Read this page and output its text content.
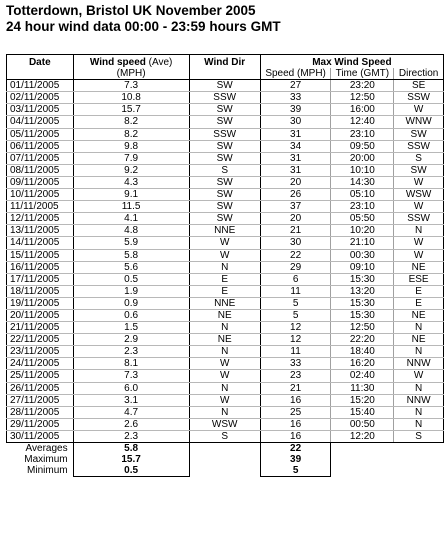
Totterdown, Bristol UK November 2005
24 hour wind data 00:00 - 23:59 hours GMT
Date	Wind speed (Ave)	Wind Dir	Max Wind Speed		
	(MPH)		Speed (MPH)	Time (GMT)	Direction
01/11/2005	7.3	SW	27	23:20	SE
02/11/2005	10.8	SSW	33	12:50	SSW
03/11/2005	15.7	SW	39	16:00	W
04/11/2005	8.2	SW	30	12:40	WNW
05/11/2005	8.2	SSW	31	23:10	SW
06/11/2005	9.8	SW	34	09:50	SSW
07/11/2005	7.9	SW	31	20:00	S
08/11/2005	9.2	S	31	10:10	SW
09/11/2005	4.3	SW	20	14:30	W
10/11/2005	9.1	SW	26	05:10	WSW
11/11/2005	11.5	SW	37	23:10	W
12/11/2005	4.1	SW	20	05:50	SSW
13/11/2005	4.8	NNE	21	10:20	N
14/11/2005	5.9	W	30	21:10	W
15/11/2005	5.8	W	22	00:30	W
16/11/2005	5.6	N	29	09:10	NE
17/11/2005	0.5	E	6	15:30	ESE
18/11/2005	1.9	E	11	13:20	E
19/11/2005	0.9	NNE	5	15:30	E
20/11/2005	0.6	NE	5	15:30	NE
21/11/2005	1.5	N	12	12:50	N
22/11/2005	2.9	NE	12	22:20	NE
23/11/2005	2.3	N	11	18:40	N
24/11/2005	8.1	W	33	16:20	NNW
25/11/2005	7.3	W	23	02:40	W
26/11/2005	6.0	N	21	11:30	N
27/11/2005	3.1	W	16	15:20	NNW
28/11/2005	4.7	N	25	15:40	N
29/11/2005	2.6	WSW	16	00:50	N
30/11/2005	2.3	S	16	12:20	S
Averages	5.8		22		
Maximum	15.7		39		
Minimum	0.5		5		
